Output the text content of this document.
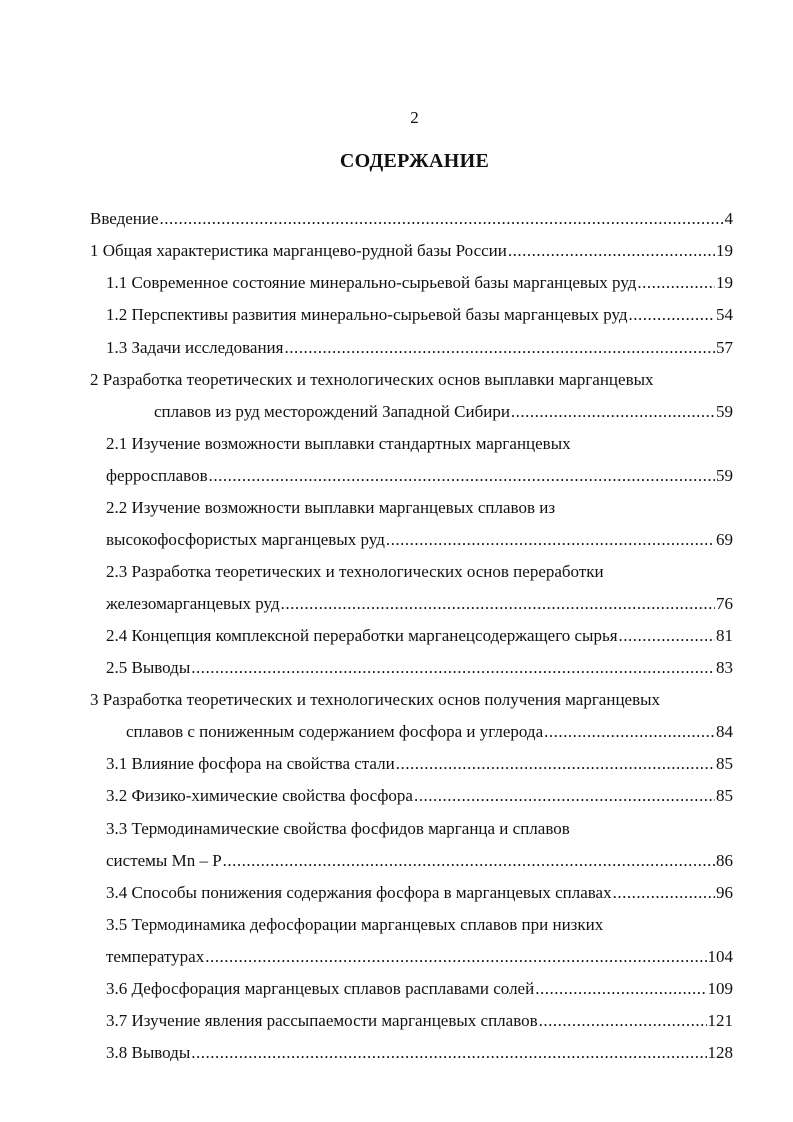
2
СОДЕРЖАНИЕ
Введение .....	4
1 Общая характеристика марганцево-рудной базы России .....	19
1.1 Современное состояние минерально-сырьевой базы марганцевых руд .....	19
1.2 Перспективы развития минерально-сырьевой базы марганцевых руд .....	54
1.3 Задачи исследования .....	57
2 Разработка теоретических и технологических основ выплавки марганцевых
сплавов из руд месторождений Западной Сибири .....	59
2.1 Изучение возможности выплавки стандартных марганцевых
ферросплавов .....	59
2.2 Изучение возможности выплавки марганцевых сплавов из
высокофосфористых марганцевых руд .....	69
2.3 Разработка теоретических и технологических основ переработки
железомарганцевых руд .....	76
2.4 Концепция комплексной переработки марганецсодержащего сырья .....	81
2.5 Выводы .....	83
3 Разработка теоретических и технологических основ получения марганцевых
сплавов с пониженным содержанием фосфора и углерода .....	84
3.1 Влияние фосфора на свойства стали .....	85
3.2 Физико-химические свойства фосфора .....	85
3.3 Термодинамические свойства фосфидов марганца и сплавов
системы Mn – P .....	86
3.4 Способы понижения содержания фосфора в марганцевых сплавах .....	96
3.5 Термодинамика дефосфорации марганцевых сплавов при низких
температурах .....	104
3.6 Дефосфорация марганцевых сплавов расплавами солей .....	109
3.7 Изучение явления рассыпаемости марганцевых сплавов .....	121
3.8 Выводы .....	128
